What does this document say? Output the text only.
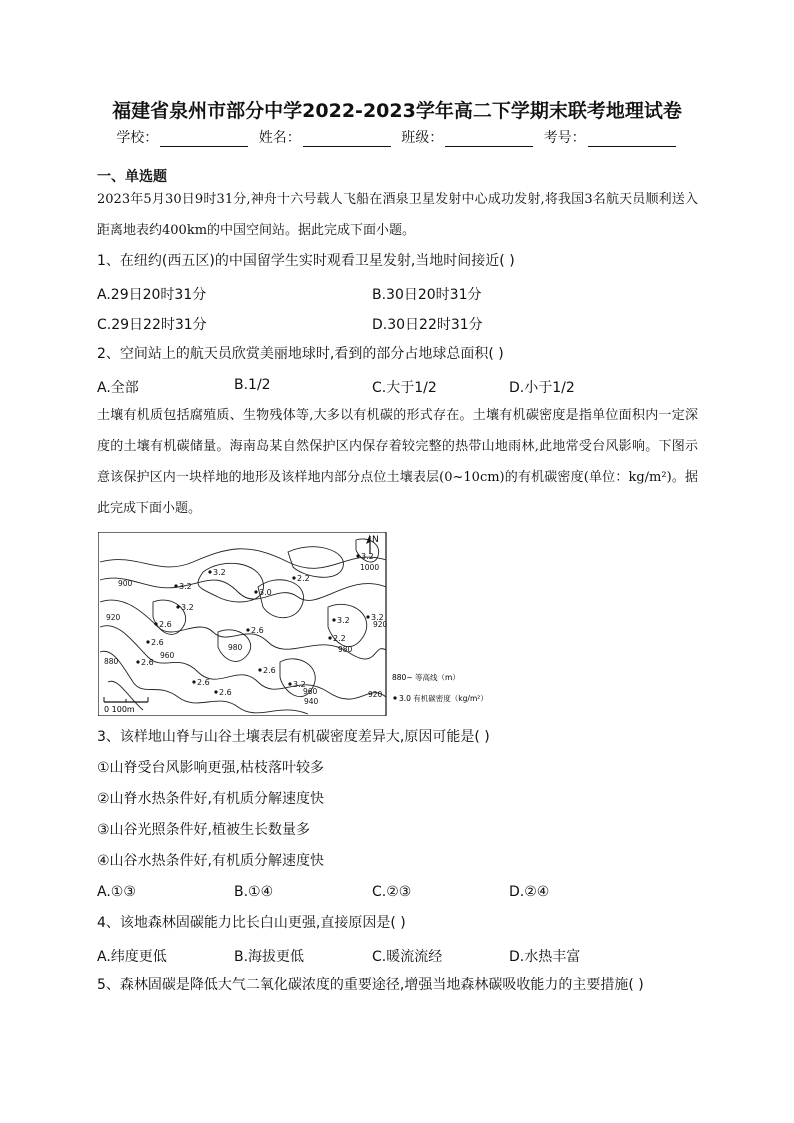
福建省泉州市部分中学2022-2023学年高二下学期末联考地理试卷
学校：	姓名：	班级：	考号：
一、单选题
2023年5月30日9时31分,神舟十六号载人飞船在酒泉卫星发射中心成功发射,将我国3名航天员顺利送入距离地表约400km的中国空间站。据此完成下面小题。
1、在纽约(西五区)的中国留学生实时观看卫星发射,当地时间接近( )
A.29日20时31分	B.30日20时31分
C.29日22时31分	D.30日22时31分
2、空间站上的航天员欣赏美丽地球时,看到的部分占地球总面积( )
A.全部	B.1/2	C.大于1/2	D.小于1/2
土壤有机质包括腐殖质、生物残体等,大多以有机碳的形式存在。土壤有机碳密度是指单位面积内一定深度的土壤有机碳储量。海南岛某自然保护区内保存着较完整的热带山地雨林,此地常受台风影响。下图示意该保护区内一块样地的地形及该样地内部分点位土壤表层(0~10cm)的有机碳密度(单位：kg/m²)。据此完成下面小题。
3.2
3.2
3.2
3.0
2.2
3.2
2.6
3.2
2.2
3.2
2.6
2.6
2.6
2.6
2.6
3.2
2.6
1000
900
980
920
880
920
960
940
920
960
980
N
0 100m
880~ 等高线（m）
3.0 有机碳密度（kg/m²）
3、该样地山脊与山谷土壤表层有机碳密度差异大,原因可能是( )
①山脊受台风影响更强,枯枝落叶较多
②山脊水热条件好,有机质分解速度快
③山谷光照条件好,植被生长数量多
④山谷水热条件好,有机质分解速度快
A.①③	B.①④	C.②③	D.②④
4、该地森林固碳能力比长白山更强,直接原因是( )
A.纬度更低	B.海拔更低	C.暖流流经	D.水热丰富
5、森林固碳是降低大气二氧化碳浓度的重要途径,增强当地森林碳吸收能力的主要措施( )
